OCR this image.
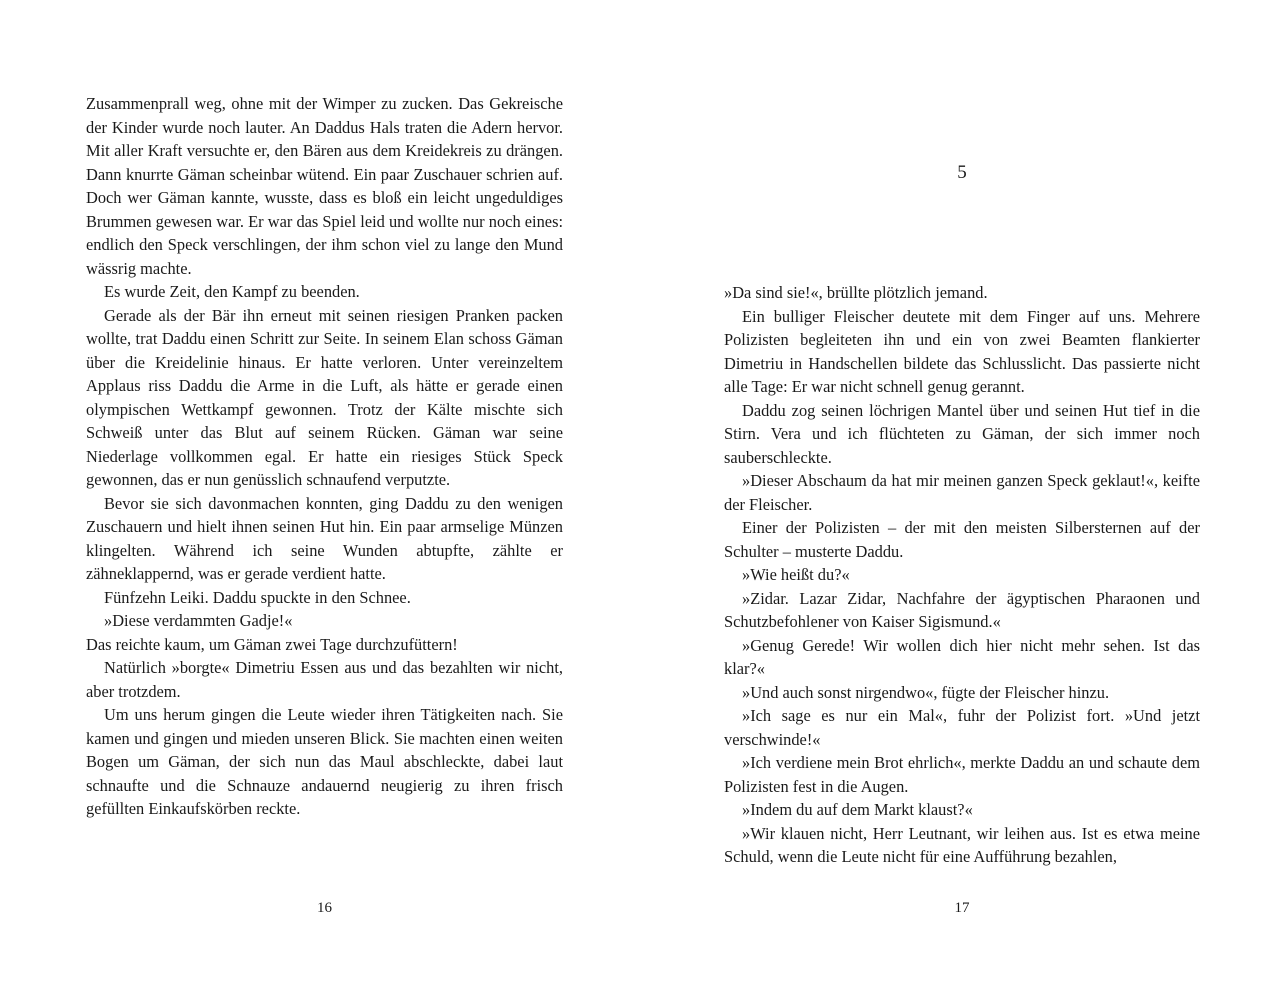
Zusammenprall weg, ohne mit der Wimper zu zucken. Das Gekreische der Kinder wurde noch lauter. An Daddus Hals traten die Adern hervor. Mit aller Kraft versuchte er, den Bären aus dem Kreidekreis zu drängen. Dann knurrte Gäman scheinbar wütend. Ein paar Zuschauer schrien auf. Doch wer Gäman kannte, wusste, dass es bloß ein leicht ungeduldiges Brummen gewesen war. Er war das Spiel leid und wollte nur noch eines: endlich den Speck verschlingen, der ihm schon viel zu lange den Mund wässrig machte.

Es wurde Zeit, den Kampf zu beenden.

Gerade als der Bär ihn erneut mit seinen riesigen Pranken packen wollte, trat Daddu einen Schritt zur Seite. In seinem Elan schoss Gäman über die Kreidelinie hinaus. Er hatte verloren. Unter vereinzeltem Applaus riss Daddu die Arme in die Luft, als hätte er gerade einen olympischen Wettkampf gewonnen. Trotz der Kälte mischte sich Schweiß unter das Blut auf seinem Rücken. Gäman war seine Niederlage vollkommen egal. Er hatte ein riesiges Stück Speck gewonnen, das er nun genüsslich schnaufend verputzte.

Bevor sie sich davonmachen konnten, ging Daddu zu den wenigen Zuschauern und hielt ihnen seinen Hut hin. Ein paar armselige Münzen klingelten. Während ich seine Wunden abtupfte, zählte er zähneklappernd, was er gerade verdient hatte.

Fünfzehn Leiki. Daddu spuckte in den Schnee.

»Diese verdammten Gadje!«

Das reichte kaum, um Gäman zwei Tage durchzufüttern!

Natürlich »borgte« Dimetriu Essen aus und das bezahlten wir nicht, aber trotzdem.

Um uns herum gingen die Leute wieder ihren Tätigkeiten nach. Sie kamen und gingen und mieden unseren Blick. Sie machten einen weiten Bogen um Gäman, der sich nun das Maul abschleckte, dabei laut schnaufte und die Schnauze andauernd neugierig zu ihren frisch gefüllten Einkaufskörben reckte.

16
5

»Da sind sie!«, brüllte plötzlich jemand.

Ein bulliger Fleischer deutete mit dem Finger auf uns. Mehrere Polizisten begleiteten ihn und ein von zwei Beamten flankierter Dimetriu in Handschellen bildete das Schlusslicht. Das passierte nicht alle Tage: Er war nicht schnell genug gerannt.

Daddu zog seinen löchrigen Mantel über und seinen Hut tief in die Stirn. Vera und ich flüchteten zu Gäman, der sich immer noch sauberschleckte.

»Dieser Abschaum da hat mir meinen ganzen Speck geklaut!«, keifte der Fleischer.

Einer der Polizisten – der mit den meisten Silbersternen auf der Schulter – musterte Daddu.

»Wie heißt du?«

»Zidar. Lazar Zidar, Nachfahre der ägyptischen Pharaonen und Schutzbefohlener von Kaiser Sigismund.«

»Genug Gerede! Wir wollen dich hier nicht mehr sehen. Ist das klar?«

»Und auch sonst nirgendwo«, fügte der Fleischer hinzu.

»Ich sage es nur ein Mal«, fuhr der Polizist fort. »Und jetzt verschwinde!«

»Ich verdiene mein Brot ehrlich«, merkte Daddu an und schaute dem Polizisten fest in die Augen.

»Indem du auf dem Markt klaust?«

»Wir klauen nicht, Herr Leutnant, wir leihen aus. Ist es etwa meine Schuld, wenn die Leute nicht für eine Aufführung bezahlen,

17
